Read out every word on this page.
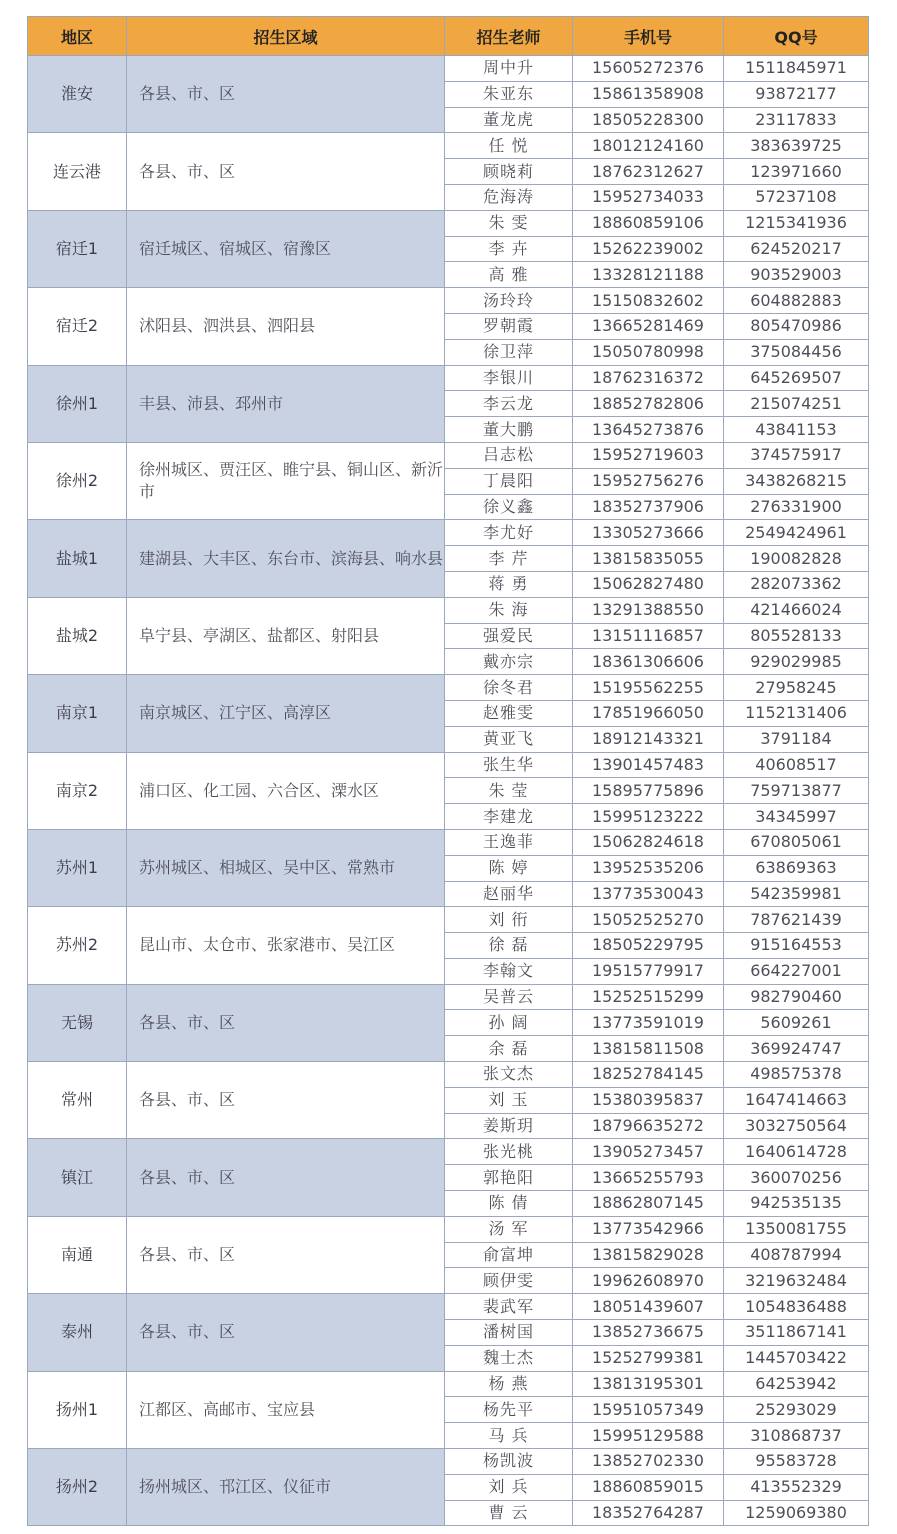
地区	招生区域	招生老师	手机号	QQ号
淮安	各县、市、区	周中升	15605272376	1511845971
		朱亚东	15861358908	93872177
		董龙虎	18505228300	23117833
连云港	各县、市、区	任 悦	18012124160	383639725
		顾晓莉	18762312627	123971660
		危海涛	15952734033	57237108
宿迁1	宿迁城区、宿城区、宿豫区	朱 雯	18860859106	1215341936
		李 卉	15262239002	624520217
		高 雅	13328121188	903529003
宿迁2	沭阳县、泗洪县、泗阳县	汤玲玲	15150832602	604882883
		罗朝霞	13665281469	805470986
		徐卫萍	15050780998	375084456
徐州1	丰县、沛县、邳州市	李银川	18762316372	645269507
		李云龙	18852782806	215074251
		董大鹏	13645273876	43841153
徐州2	徐州城区、贾汪区、睢宁县、铜山区、新沂市	吕志松	15952719603	374575917
		丁晨阳	15952756276	3438268215
		徐义鑫	18352737906	276331900
盐城1	建湖县、大丰区、东台市、滨海县、响水县	李尤好	13305273666	2549424961
		李 芹	13815835055	190082828
		蒋 勇	15062827480	282073362
盐城2	阜宁县、亭湖区、盐都区、射阳县	朱 海	13291388550	421466024
		强爱民	13151116857	805528133
		戴亦宗	18361306606	929029985
南京1	南京城区、江宁区、高淳区	徐冬君	15195562255	27958245
		赵雅雯	17851966050	1152131406
		黄亚飞	18912143321	3791184
南京2	浦口区、化工园、六合区、溧水区	张生华	13901457483	40608517
		朱 莹	15895775896	759713877
		李建龙	15995123222	34345997
苏州1	苏州城区、相城区、吴中区、常熟市	王逸菲	15062824618	670805061
		陈 婷	13952535206	63869363
		赵丽华	13773530043	542359981
苏州2	昆山市、太仓市、张家港市、吴江区	刘 衎	15052525270	787621439
		徐 磊	18505229795	915164553
		李翰文	19515779917	664227001
无锡	各县、市、区	吴普云	15252515299	982790460
		孙 阔	13773591019	5609261
		余 磊	13815811508	369924747
常州	各县、市、区	张文杰	18252784145	498575378
		刘 玉	15380395837	1647414663
		姜斯玥	18796635272	3032750564
镇江	各县、市、区	张光桃	13905273457	1640614728
		郭艳阳	13665255793	360070256
		陈 倩	18862807145	942535135
南通	各县、市、区	汤 军	13773542966	1350081755
		俞富坤	13815829028	408787994
		顾伊雯	19962608970	3219632484
泰州	各县、市、区	裴武军	18051439607	1054836488
		潘树国	13852736675	3511867141
		魏士杰	15252799381	1445703422
扬州1	江都区、高邮市、宝应县	杨 燕	13813195301	64253942
		杨先平	15951057349	25293029
		马 兵	15995129588	310868737
扬州2	扬州城区、邗江区、仪征市	杨凯波	13852702330	95583728
		刘 兵	18860859015	413552329
		曹 云	18352764287	1259069380
